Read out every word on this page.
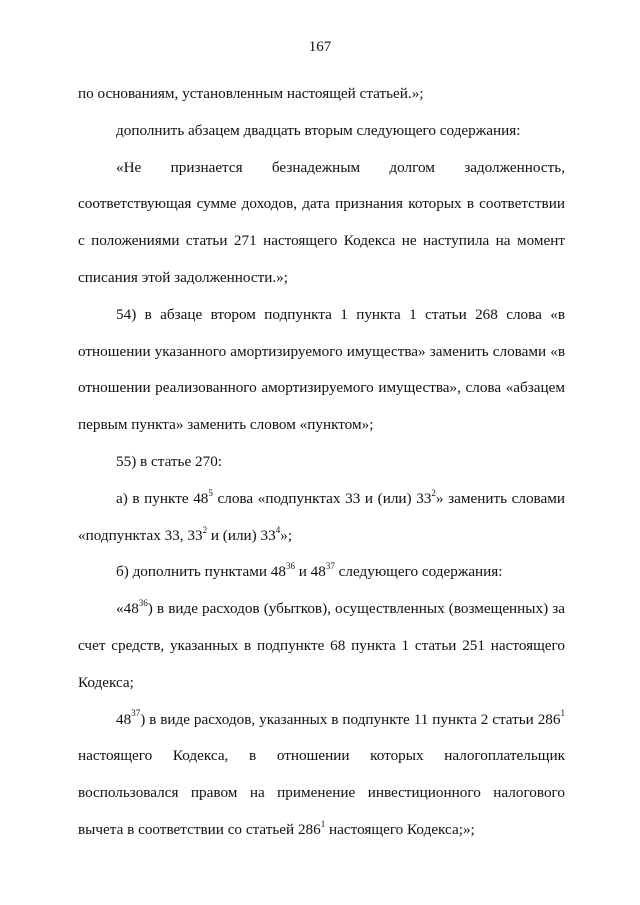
167

по основаниям, установленным настоящей статьей.»;

дополнить абзацем двадцать вторым следующего содержания:

«Не признается безнадежным долгом задолженность, соответствующая сумме доходов, дата признания которых в соответствии с положениями статьи 271 настоящего Кодекса не наступила на момент списания этой задолженности.»;

54) в абзаце втором подпункта 1 пункта 1 статьи 268 слова «в отношении указанного амортизируемого имущества» заменить словами «в отношении реализованного амортизируемого имущества», слова «абзацем первым пункта» заменить словом «пунктом»;

55) в статье 270:

а) в пункте $48^5$ слова «подпунктах 33 и (или) $33^2$» заменить словами «подпунктах 33, $33^2$ и (или) $33^4$»;

б) дополнить пунктами $48^{36}$ и $48^{37}$ следующего содержания:

«$48^{36}$) в виде расходов (убытков), осуществленных (возмещенных) за счет средств, указанных в подпункте 68 пункта 1 статьи 251 настоящего Кодекса;

$48^{37}$) в виде расходов, указанных в подпункте 11 пункта 2 статьи $286^1$ настоящего Кодекса, в отношении которых налогоплательщик воспользовался правом на применение инвестиционного налогового вычета в соответствии со статьей $286^1$ настоящего Кодекса;»;
